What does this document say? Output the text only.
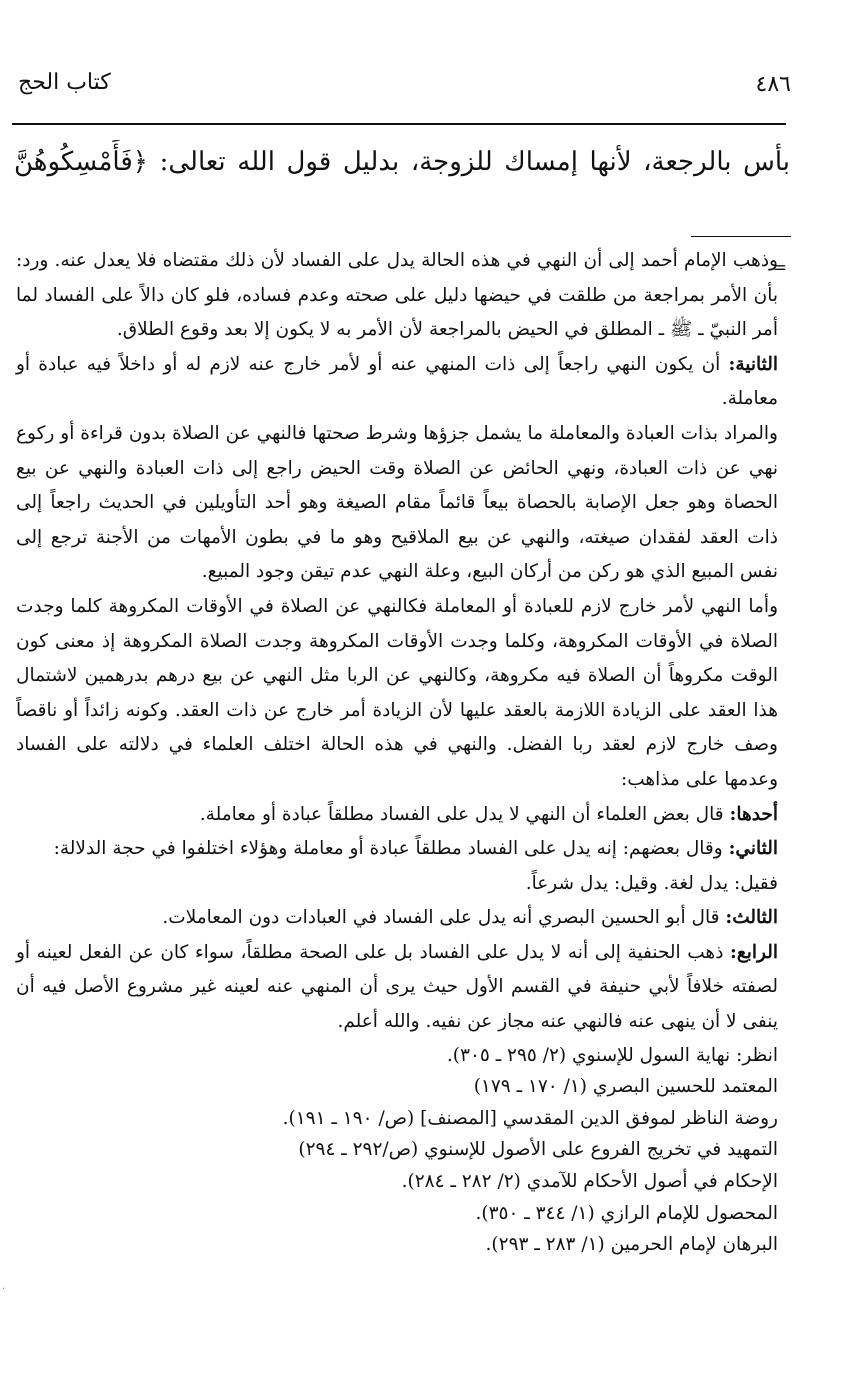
كتاب الحج	٤٨٦
بأس بالرجعة، لأنها إمساك للزوجة، بدليل قول الله تعالى: ﴿فَأَمْسِكُوهُنَّ
=

وذهب الإمام أحمد إلى أن النهي في هذه الحالة يدل على الفساد لأن ذلك مقتضاه فلا يعدل عنه. ورد: بأن الأمر بمراجعة من طلقت في حيضها دليل على صحته وعدم فساده، فلو كان دالاً على الفساد لما أمر النبيّ ـ ﷺ ـ المطلق في الحيض بالمراجعة لأن الأمر به لا يكون إلا بعد وقوع الطلاق.

الثانية: أن يكون النهي راجعاً إلى ذات المنهي عنه أو لأمر خارج عنه لازم له أو داخلاً فيه عبادة أو معاملة.

والمراد بذات العبادة والمعاملة ما يشمل جزؤها وشرط صحتها فالنهي عن الصلاة بدون قراءة أو ركوع نهي عن ذات العبادة، ونهي الحائض عن الصلاة وقت الحيض راجع إلى ذات العبادة والنهي عن بيع الحصاة وهو جعل الإصابة بالحصاة بيعاً قائماً مقام الصيغة وهو أحد التأويلين في الحديث راجعاً إلى ذات العقد لفقدان صيغته، والنهي عن بيع الملاقيح وهو ما في بطون الأمهات من الأجنة ترجع إلى نفس المبيع الذي هو ركن من أركان البيع، وعلة النهي عدم تيقن وجود المبيع.

وأما النهي لأمر خارج لازم للعبادة أو المعاملة فكالنهي عن الصلاة في الأوقات المكروهة كلما وجدت الصلاة في الأوقات المكروهة، وكلما وجدت الأوقات المكروهة وجدت الصلاة المكروهة إذ معنى كون الوقت مكروهاً أن الصلاة فيه مكروهة، وكالنهي عن الربا مثل النهي عن بيع درهم بدرهمين لاشتمال هذا العقد على الزيادة اللازمة بالعقد عليها لأن الزيادة أمر خارج عن ذات العقد. وكونه زائداً أو ناقصاً وصف خارج لازم لعقد ربا الفضل. والنهي في هذه الحالة اختلف العلماء في دلالته على الفساد وعدمها على مذاهب:

أحدها: قال بعض العلماء أن النهي لا يدل على الفساد مطلقاً عبادة أو معاملة.

الثاني: وقال بعضهم: إنه يدل على الفساد مطلقاً عبادة أو معاملة وهؤلاء اختلفوا في حجة الدلالة:

فقيل: يدل لغة. وقيل: يدل شرعاً.

الثالث: قال أبو الحسين البصري أنه يدل على الفساد في العبادات دون المعاملات.

الرابع: ذهب الحنفية إلى أنه لا يدل على الفساد بل على الصحة مطلقاً، سواء كان عن الفعل لعينه أو لصفته خلافاً لأبي حنيفة في القسم الأول حيث يرى أن المنهي عنه لعينه غير مشروع الأصل فيه أن ينفى لا أن ينهى عنه فالنهي عنه مجاز عن نفيه. والله أعلم.

انظر: نهاية السول للإسنوي (٢/ ٢٩٥ ـ ٣٠٥).
المعتمد للحسين البصري (١/ ١٧٠ ـ ١٧٩)
روضة الناظر لموفق الدين المقدسي [المصنف] (ص/ ١٩٠ ـ ١٩١).
التمهيد في تخريج الفروع على الأصول للإسنوي (ص/٢٩٢ ـ ٢٩٤)
الإحكام في أصول الأحكام للآمدي (٢/ ٢٨٢ ـ ٢٨٤).
المحصول للإمام الرازي (١/ ٣٤٤ ـ ٣٥٠).
البرهان لإمام الحرمين (١/ ٢٨٣ ـ ٢٩٣).
·
